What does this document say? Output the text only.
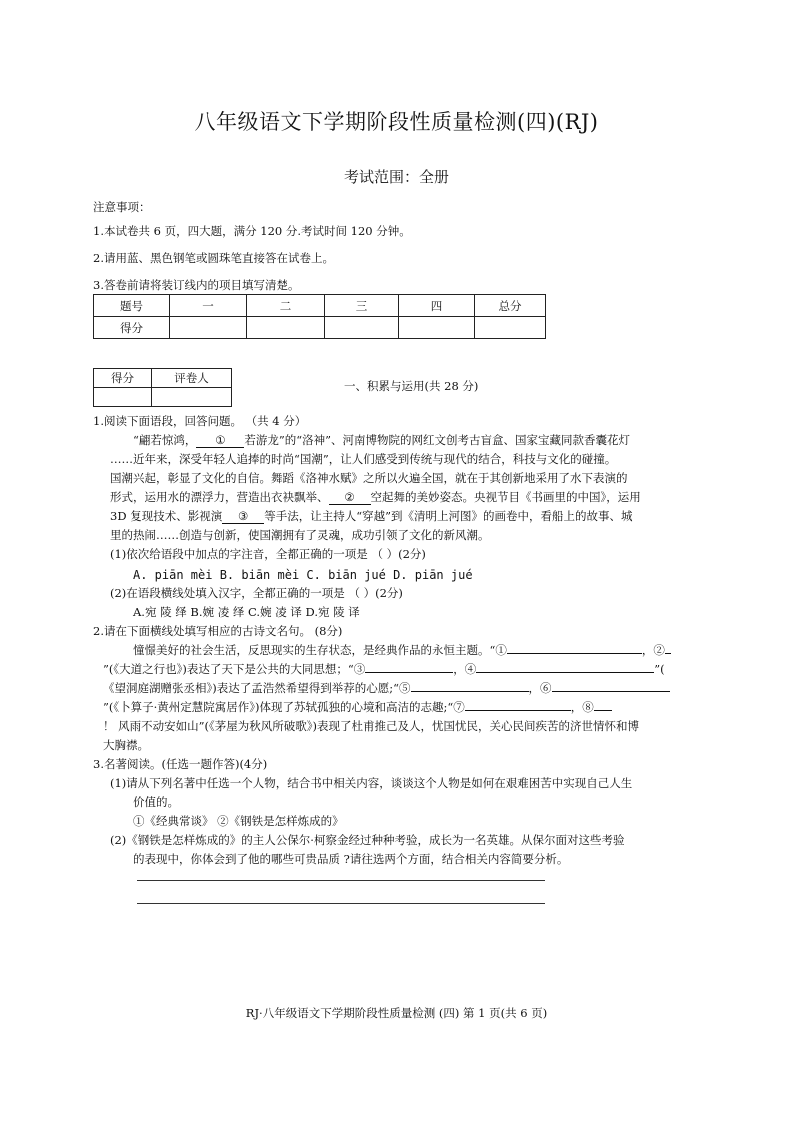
八年级语文下学期阶段性质量检测(四)(RJ)
考试范围：全册
注意事项：
1.本试卷共 6 页，四大题，满分 120 分.考试时间 120 分钟。
2.请用蓝、黑色钢笔或圆珠笔直接答在试卷上。
3.答卷前请将装订线内的项目填写清楚。
题号	一	二	三	四	总分
得分					
得分	评卷人

一、积累与运用(共 28 分)
1.阅读下面语段，回答问题。 （共 4 分）
“翩若惊鸿， ① 若游龙”的“洛神”、河南博物院的网红文创考古盲盒、国家宝藏同款香囊花灯
……近年来，深受年轻人追捧的时尚“国潮”，让人们感受到传统与现代的结合，科技与文化的碰撞。
国潮兴起，彰显了文化的自信。舞蹈《洛神水赋》之所以火遍全国，就在于其创新地采用了水下表演的
形式，运用水的漂浮力，营造出衣袂飘举、 ② 空起舞的美妙姿态。央视节目《书画里的中国》，运用
3D 复现技术、影视演 ③ 等手法，让主持人“穿越”到《清明上河图》的画卷中，看船上的故事、城
里的热闹……创造与创新，使国潮拥有了灵魂，成功引领了文化的新风潮。
(1)依次给语段中加点的字注音，全都正确的一项是 （ ）(2分)
A. piān mèi B. biān mèi C. biān jué D. piān jué
(2)在语段横线处填入汉字，全都正确的一项是 （ ）(2分)
A.宛 陵 绎 B.婉 凌 绎 C.婉 凌 译 D.宛 陵 译
2.请在下面横线处填写相应的古诗文名句。 (8分)
憧憬美好的社会生活，反思现实的生存状态，是经典作品的永恒主题。“①	，②
”(《大道之行也》)表达了天下是公共的大同思想；“③	，④	”(
《望洞庭湖赠张丞相》)表达了孟浩然希望得到举荐的心愿;“⑤	，⑥
”(《卜算子·黄州定慧院寓居作》)体现了苏轼孤独的心境和高洁的志趣;“⑦	，⑧
！ 风雨不动安如山”(《茅屋为秋风所破歌》)表现了杜甫推己及人，忧国忧民，关心民间疾苦的济世情怀和博
大胸襟。
3.名著阅读。(任选一题作答)(4分)
(1)请从下列名著中任选一个人物，结合书中相关内容，谈谈这个人物是如何在艰难困苦中实现自己人生
价值的。
①《经典常谈》 ②《钢铁是怎样炼成的》
(2)《钢铁是怎样炼成的》的主人公保尔·柯察金经过种种考验，成长为一名英雄。从保尔面对这些考验
的表现中，你体会到了他的哪些可贵品质 ?请往选两个方面，结合相关内容简要分析。
RJ·八年级语文下学期阶段性质量检测 (四) 第 1 页(共 6 页)
